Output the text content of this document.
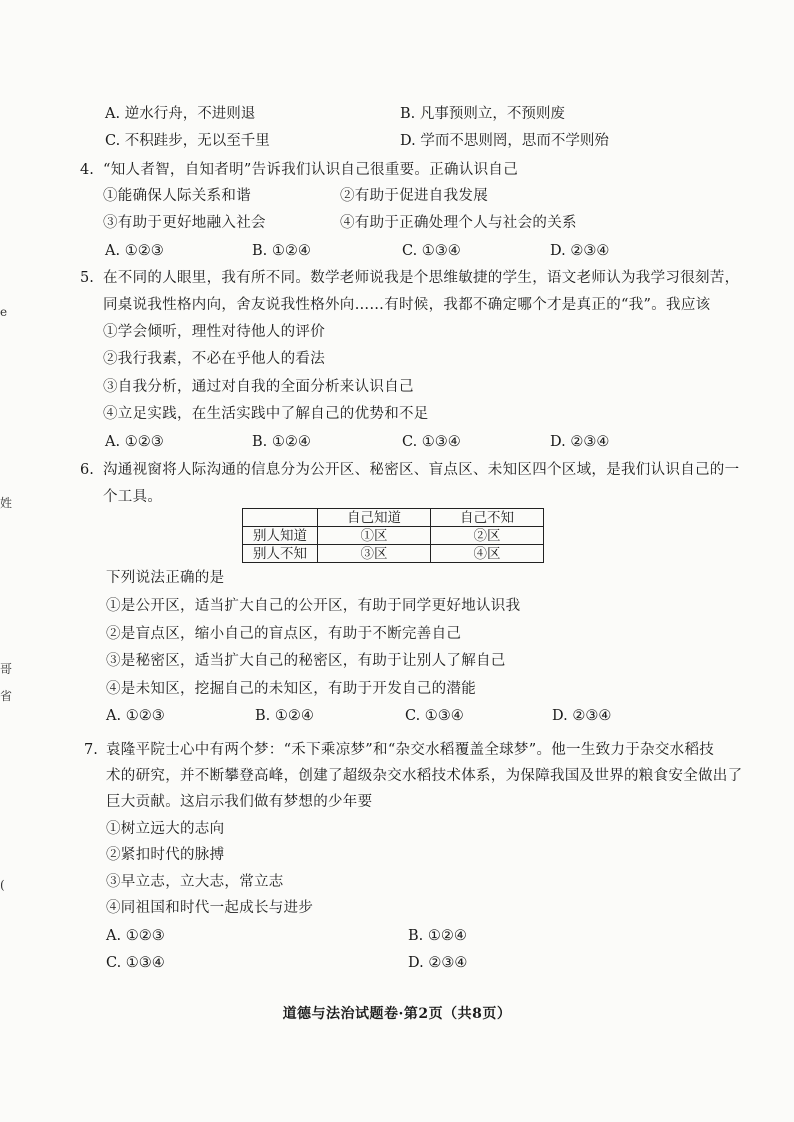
e
姓
哥
省
(
A. 逆水行舟，不进则退	B. 凡事预则立，不预则废
C. 不积跬步，无以至千里	D. 学而不思则罔，思而不学则殆
4. “知人者智，自知者明”告诉我们认识自己很重要。正确认识自己
①能确保人际关系和谐	②有助于促进自我发展
③有助于更好地融入社会	④有助于正确处理个人与社会的关系
A. ①②③	B. ①②④	C. ①③④	D. ②③④
5. 在不同的人眼里，我有所不同。数学老师说我是个思维敏捷的学生，语文老师认为我学习很刻苦，
同桌说我性格内向，舍友说我性格外向……有时候，我都不确定哪个才是真正的“我”。我应该
①学会倾听，理性对待他人的评价
②我行我素，不必在乎他人的看法
③自我分析，通过对自我的全面分析来认识自己
④立足实践，在生活实践中了解自己的优势和不足
A. ①②③	B. ①②④	C. ①③④	D. ②③④
6. 沟通视窗将人际沟通的信息分为公开区、秘密区、盲点区、未知区四个区域，是我们认识自己的一
个工具。
	自己知道	自己不知
别人知道	①区	②区
别人不知	③区	④区
下列说法正确的是
①是公开区，适当扩大自己的公开区，有助于同学更好地认识我
②是盲点区，缩小自己的盲点区，有助于不断完善自己
③是秘密区，适当扩大自己的秘密区，有助于让别人了解自己
④是未知区，挖掘自己的未知区，有助于开发自己的潜能
A. ①②③	B. ①②④	C. ①③④	D. ②③④
7. 袁隆平院士心中有两个梦：“禾下乘凉梦”和“杂交水稻覆盖全球梦”。他一生致力于杂交水稻技
术的研究，并不断攀登高峰，创建了超级杂交水稻技术体系，为保障我国及世界的粮食安全做出了
巨大贡献。这启示我们做有梦想的少年要
①树立远大的志向
②紧扣时代的脉搏
③早立志，立大志，常立志
④同祖国和时代一起成长与进步
A. ①②③	B. ①②④
C. ①③④	D. ②③④
道德与法治试题卷·第2页（共8页）
